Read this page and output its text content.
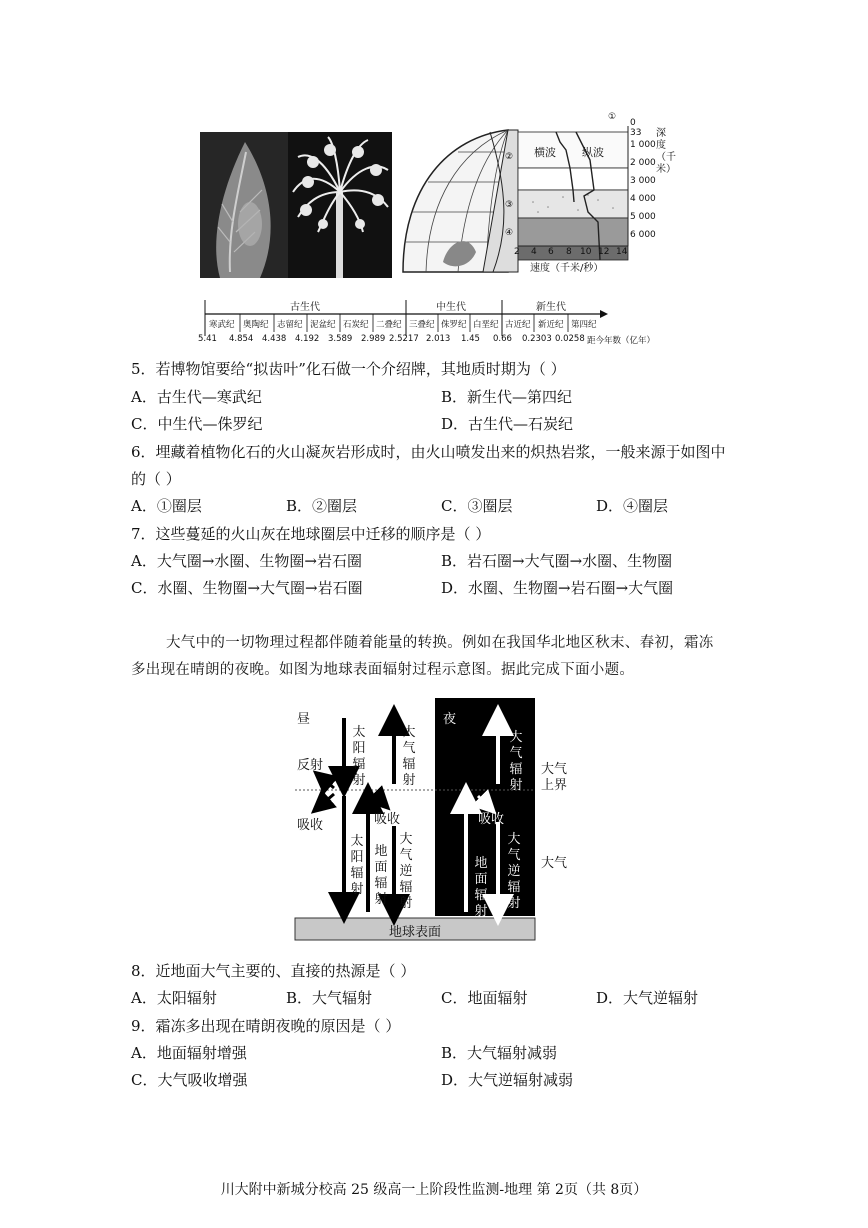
①
②
③
④
横波 纵波
0
33
1 000
2 000
3 000
4 000
5 000
6 000
深度（千米）
2 4 6 8 10 12 14
速度（千米/秒）
古生代	中生代	新生代
寒武纪 奥陶纪 志留纪 泥盆纪 石炭纪 二叠纪 三叠纪 侏罗纪 白垩纪 古近纪 新近纪 第四纪
5.41 4.854 4.438 4.192 3.589 2.989 2.5217 2.013 1.45 0.66 0.2303 0.0258 距今年数（亿年）
5．若博物馆要给“拟齿叶”化石做一个介绍牌，其地质时期为（ ）
A．古生代—寒武纪	B．新生代—第四纪
C．中生代—侏罗纪	D．古生代—石炭纪
6．埋藏着植物化石的火山凝灰岩形成时，由火山喷发出来的炽热岩浆，一般来源于如图中
的（ ）
A．①圈层	B．②圈层	C．③圈层	D．④圈层
7．这些蔓延的火山灰在地球圈层中迁移的顺序是（ ）
A．大气圈→水圈、生物圈→岩石圈	B．岩石圈→大气圈→水圈、生物圈
C．水圈、生物圈→大气圈→岩石圈	D．水圈、生物圈→岩石圈→大气圈
大气中的一切物理过程都伴随着能量的转换。例如在我国华北地区秋末、春初，霜冻
多出现在晴朗的夜晚。如图为地球表面辐射过程示意图。据此完成下面小题。
昼	夜
反射
吸收	吸收	吸收
太阳辐射
大气辐射
太阳辐射
地面辐射
大气逆辐射
大气辐射
地面辐射
大气逆辐射
大气上界
大气
地球表面
8．近地面大气主要的、直接的热源是（ ）
A．太阳辐射	B．大气辐射	C．地面辐射	D．大气逆辐射
9．霜冻多出现在晴朗夜晚的原因是（ ）
A．地面辐射增强	B．大气辐射减弱
C．大气吸收增强	D．大气逆辐射减弱
川大附中新城分校高 25 级高一上阶段性监测-地理 第 2页（共 8页）
